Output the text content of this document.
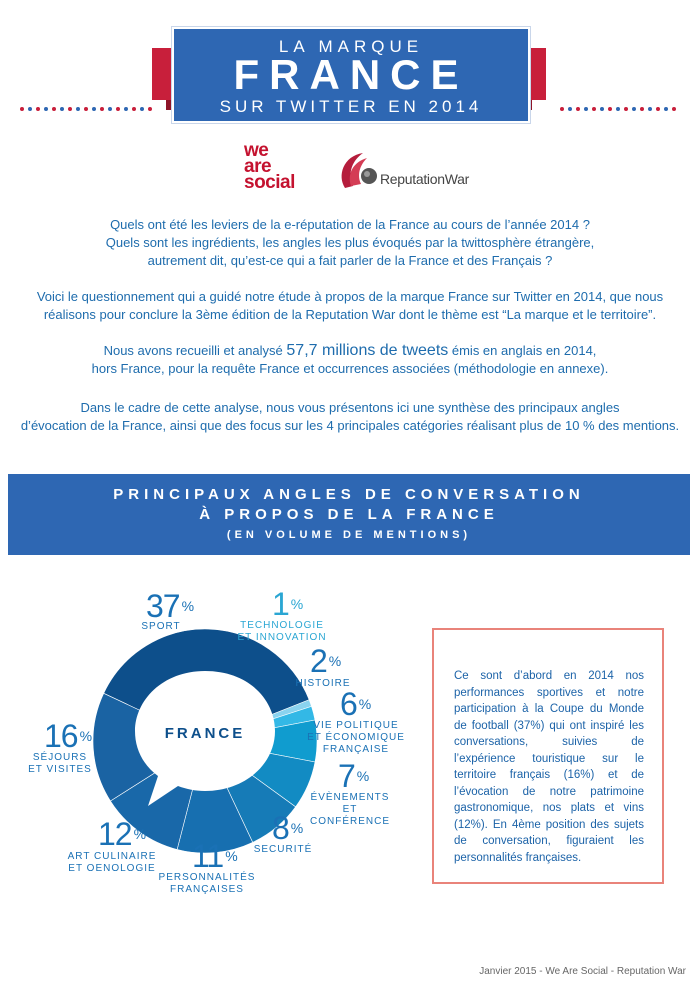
LA MARQUE
FRANCE
SUR TWITTER EN 2014
we
are
social	ReputationWar
Quels ont été les leviers de la e-réputation de la France au cours de l’année 2014 ?
Quels sont les ingrédients, les angles les plus évoqués par la twittosphère étrangère,
autrement dit, qu’est-ce qui a fait parler de la France et des Français ?
Voici le questionnement qui a guidé notre étude à propos de la marque France sur Twitter en 2014, que nous
réalisons pour conclure la 3ème édition de la Reputation War dont le thème est “La marque et le territoire”.
Nous avons recueilli et analysé 57,7 millions de tweets émis en anglais en 2014,
hors France, pour la requête France et occurrences associées (méthodologie en annexe).
Dans le cadre de cette analyse, nous vous présentons ici une synthèse des principaux angles
d’évocation de la France, ainsi que des focus sur les 4 principales catégories réalisant plus de 10 % des mentions.
PRINCIPAUX ANGLES DE CONVERSATION
À PROPOS DE LA FRANCE
(EN VOLUME DE MENTIONS)
FRANCE
37 %
SPORT
1 %
TECHNOLOGIE
ET INNOVATION
2 %
HISTOIRE
6 %
VIE POLITIQUE
ET ÉCONOMIQUE
FRANÇAISE
7 %
ÉVÈNEMENTS
ET CONFÉRENCE
8 %
SECURITÉ
11 %
PERSONNALITÉS
FRANÇAISES
12 %
ART CULINAIRE
ET OENOLOGIE
16 %
SÉJOURS
ET VISITES

Ce sont d’abord en 2014 nos performances sportives et notre participation à la Coupe du Monde de football (37%) qui ont inspiré les conversations, suivies de l’expérience touristique sur le territoire français (16%) et de l’évocation de notre patrimoine gastronomique, nos plats et vins (12%). En 4ème position des sujets de conversation, figuraient les personnalités françaises.

Janvier 2015 - We Are Social - Reputation War
